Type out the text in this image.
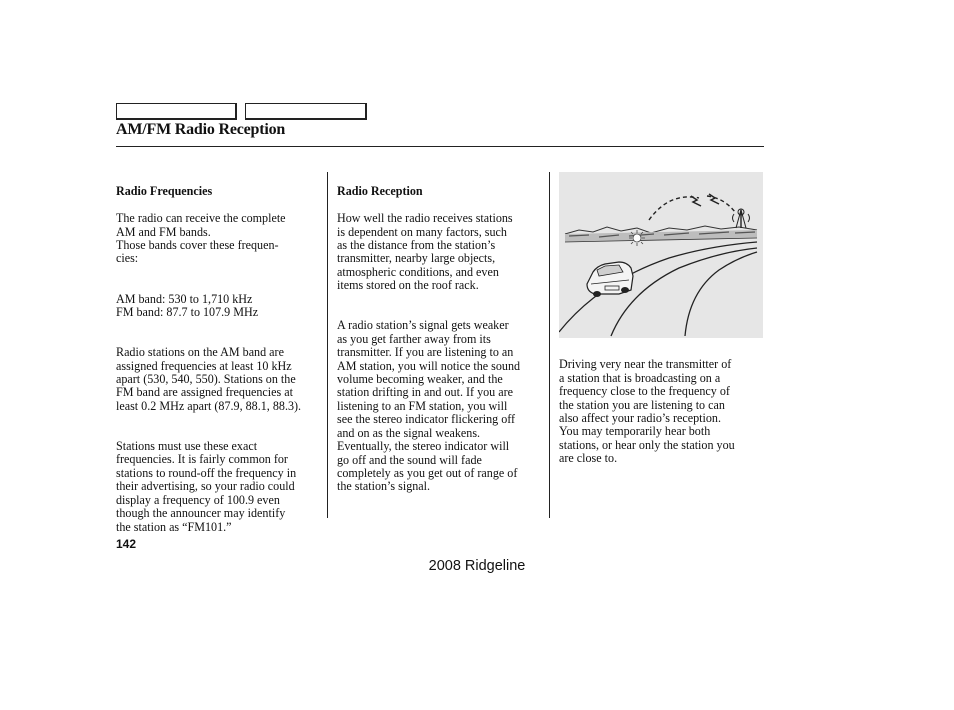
AM/FM Radio Reception

Radio Frequencies

The radio can receive the complete
AM and FM bands.
Those bands cover these frequen-
cies:

AM band: 530 to 1,710 kHz
FM band: 87.7 to 107.9 MHz

Radio stations on the AM band are
assigned frequencies at least 10 kHz
apart (530, 540, 550). Stations on the
FM band are assigned frequencies at
least 0.2 MHz apart (87.9, 88.1, 88.3).

Stations must use these exact
frequencies. It is fairly common for
stations to round-off the frequency in
their advertising, so your radio could
display a frequency of 100.9 even
though the announcer may identify
the station as “FM101.”

Radio Reception

How well the radio receives stations
is dependent on many factors, such
as the distance from the station’s
transmitter, nearby large objects,
atmospheric conditions, and even
items stored on the roof rack.

A radio station’s signal gets weaker
as you get farther away from its
transmitter. If you are listening to an
AM station, you will notice the sound
volume becoming weaker, and the
station drifting in and out. If you are
listening to an FM station, you will
see the stereo indicator flickering off
and on as the signal weakens.
Eventually, the stereo indicator will
go off and the sound will fade
completely as you get out of range of
the station’s signal.

Driving very near the transmitter of
a station that is broadcasting on a
frequency close to the frequency of
the station you are listening to can
also affect your radio’s reception.
You may temporarily hear both
stations, or hear only the station you
are close to.

142
2008 Ridgeline
